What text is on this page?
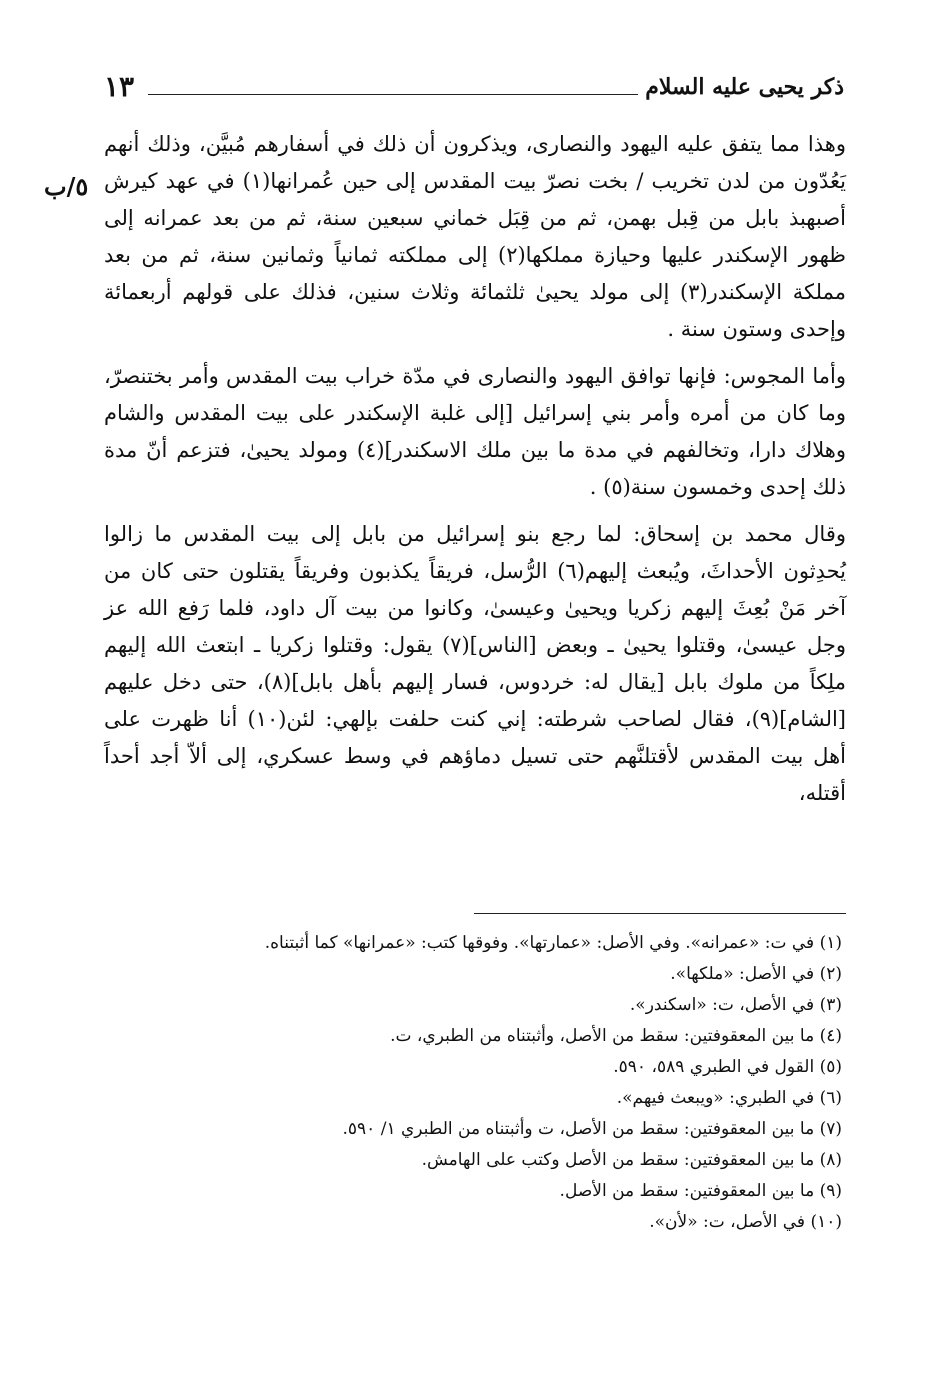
ذكر يحيى عليه السلام
١٣
٥/ب

وهذا مما يتفق عليه اليهود والنصارى، ويذكرون أن ذلك في أسفارهم مُبيَّن، وذلك أنهم يَعُدّون من لدن تخريب / بخت نصرّ بيت المقدس إلى حين عُمرانها(١) في عهد كيرش أصبهبذ بابل من قِبل بهمن، ثم من قِبَل خماني سبعين سنة، ثم من بعد عمرانه إلى ظهور الإسكندر عليها وحيازة مملكها(٢) إلى مملكته ثمانياً وثمانين سنة، ثم من بعد مملكة الإسكندر(٣) إلى مولد يحيىٰ ثلثمائة وثلاث سنين، فذلك على قولهم أربعمائة وإحدى وستون سنة .

وأما المجوس: فإنها توافق اليهود والنصارى في مدّة خراب بيت المقدس وأمر بختنصرّ، وما كان من أمره وأمر بني إسرائيل [إلى غلبة الإسكندر على بيت المقدس والشام وهلاك دارا، وتخالفهم في مدة ما بين ملك الاسكندر](٤) ومولد يحيىٰ، فتزعم أنّ مدة ذلك إحدى وخمسون سنة(٥) .

وقال محمد بن إسحاق: لما رجع بنو إسرائيل من بابل إلى بيت المقدس ما زالوا يُحدِثون الأحداثَ، ويُبعث إليهم(٦) الرُّسل، فريقاً يكذبون وفريقاً يقتلون حتى كان من آخر مَنْ بُعِثَ إليهم زكريا ويحيىٰ وعيسىٰ، وكانوا من بيت آل داود، فلما رَفع الله عز وجل عيسىٰ، وقتلوا يحيىٰ ـ وبعض [الناس](٧) يقول: وقتلوا زكريا ـ ابتعث الله إليهم ملِكاً من ملوك بابل [يقال له: خردوس، فسار إليهم بأهل بابل](٨)، حتى دخل عليهم [الشام](٩)، فقال لصاحب شرطته: إني كنت حلفت بإلهي: لئن(١٠) أنا ظهرت على أهل بيت المقدس لأقتلنَّهم حتى تسيل دماؤهم في وسط عسكري، إلى ألاّ أجد أحداً أقتله،

(١) في ت: «عمرانه». وفي الأصل: «عمارتها». وفوقها كتب: «عمرانها» كما أثبتناه.
(٢) في الأصل: «ملكها».
(٣) في الأصل، ت: «اسكندر».
(٤) ما بين المعقوفتين: سقط من الأصل، وأثبتناه من الطبري، ت.
(٥) القول في الطبري ٥٨٩، ٥٩٠.
(٦) في الطبري: «ويبعث فيهم».
(٧) ما بين المعقوفتين: سقط من الأصل، ت وأثبتناه من الطبري ١/ ٥٩٠.
(٨) ما بين المعقوفتين: سقط من الأصل وكتب على الهامش.
(٩) ما بين المعقوفتين: سقط من الأصل.
(١٠) في الأصل، ت: «لأن».
